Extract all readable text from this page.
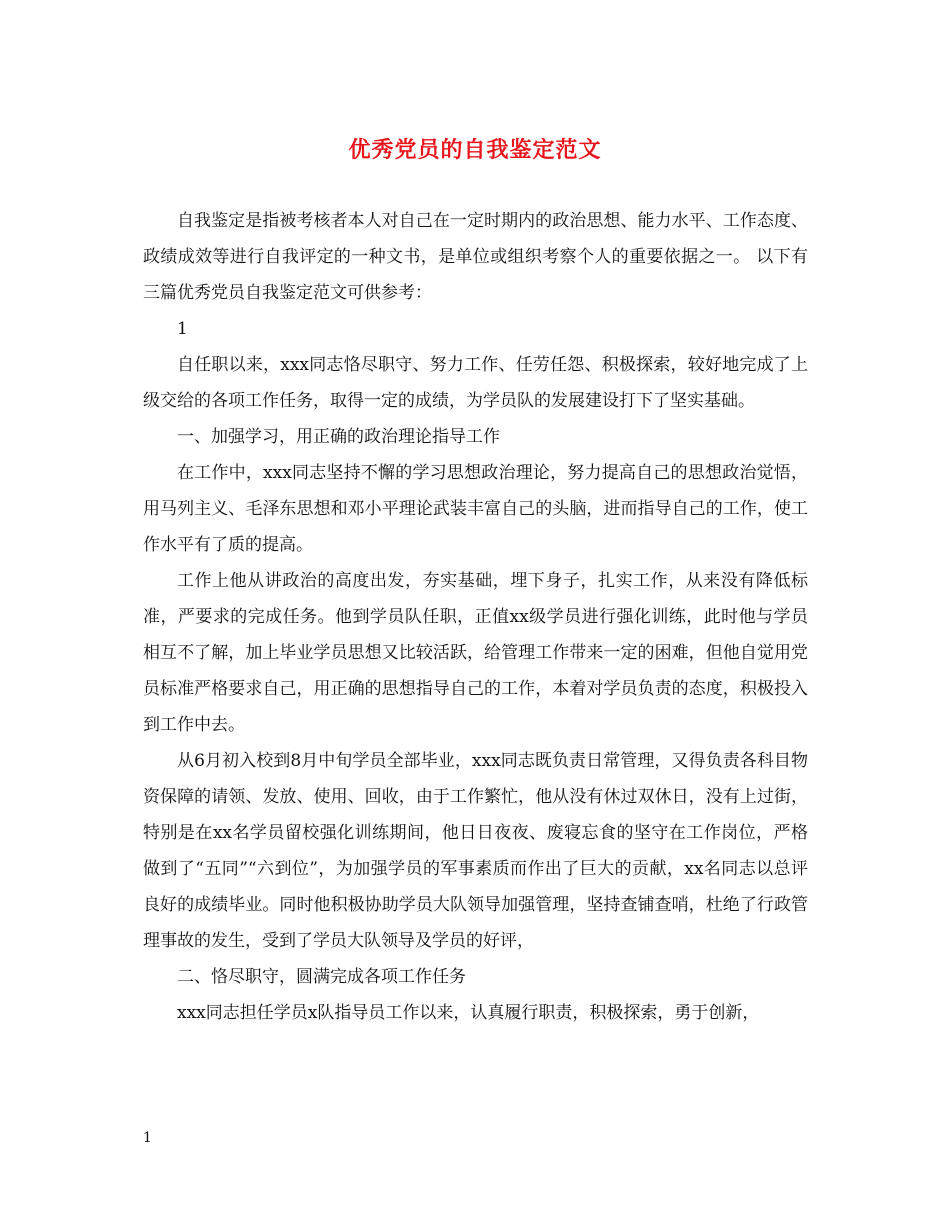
优秀党员的自我鉴定范文

自我鉴定是指被考核者本人对自己在一定时期内的政治思想、能力水平、工作态度、政绩成效等进行自我评定的一种文书，是单位或组织考察个人的重要依据之一。 以下有三篇优秀党员自我鉴定范文可供参考：

1

自任职以来，xxx同志恪尽职守、努力工作、任劳任怨、积极探索，较好地完成了上级交给的各项工作任务，取得一定的成绩，为学员队的发展建设打下了坚实基础。

一、加强学习，用正确的政治理论指导工作

在工作中，xxx同志坚持不懈的学习思想政治理论，努力提高自己的思想政治觉悟，用马列主义、毛泽东思想和邓小平理论武装丰富自己的头脑，进而指导自己的工作，使工作水平有了质的提高。

工作上他从讲政治的高度出发，夯实基础，埋下身子，扎实工作，从来没有降低标准，严要求的完成任务。他到学员队任职，正值xx级学员进行强化训练，此时他与学员相互不了解，加上毕业学员思想又比较活跃，给管理工作带来一定的困难，但他自觉用党员标准严格要求自己，用正确的思想指导自己的工作，本着对学员负责的态度，积极投入到工作中去。

从6月初入校到8月中旬学员全部毕业，xxx同志既负责日常管理，又得负责各科目物资保障的请领、发放、使用、回收，由于工作繁忙，他从没有休过双休日，没有上过街，特别是在xx名学员留校强化训练期间，他日日夜夜、废寝忘食的坚守在工作岗位，严格做到了“五同”“六到位”，为加强学员的军事素质而作出了巨大的贡献，xx名同志以总评良好的成绩毕业。同时他积极协助学员大队领导加强管理，坚持查铺查哨，杜绝了行政管理事故的发生，受到了学员大队领导及学员的好评，

二、恪尽职守，圆满完成各项工作任务

xxx同志担任学员x队指导员工作以来，认真履行职责，积极探索，勇于创新，

1
